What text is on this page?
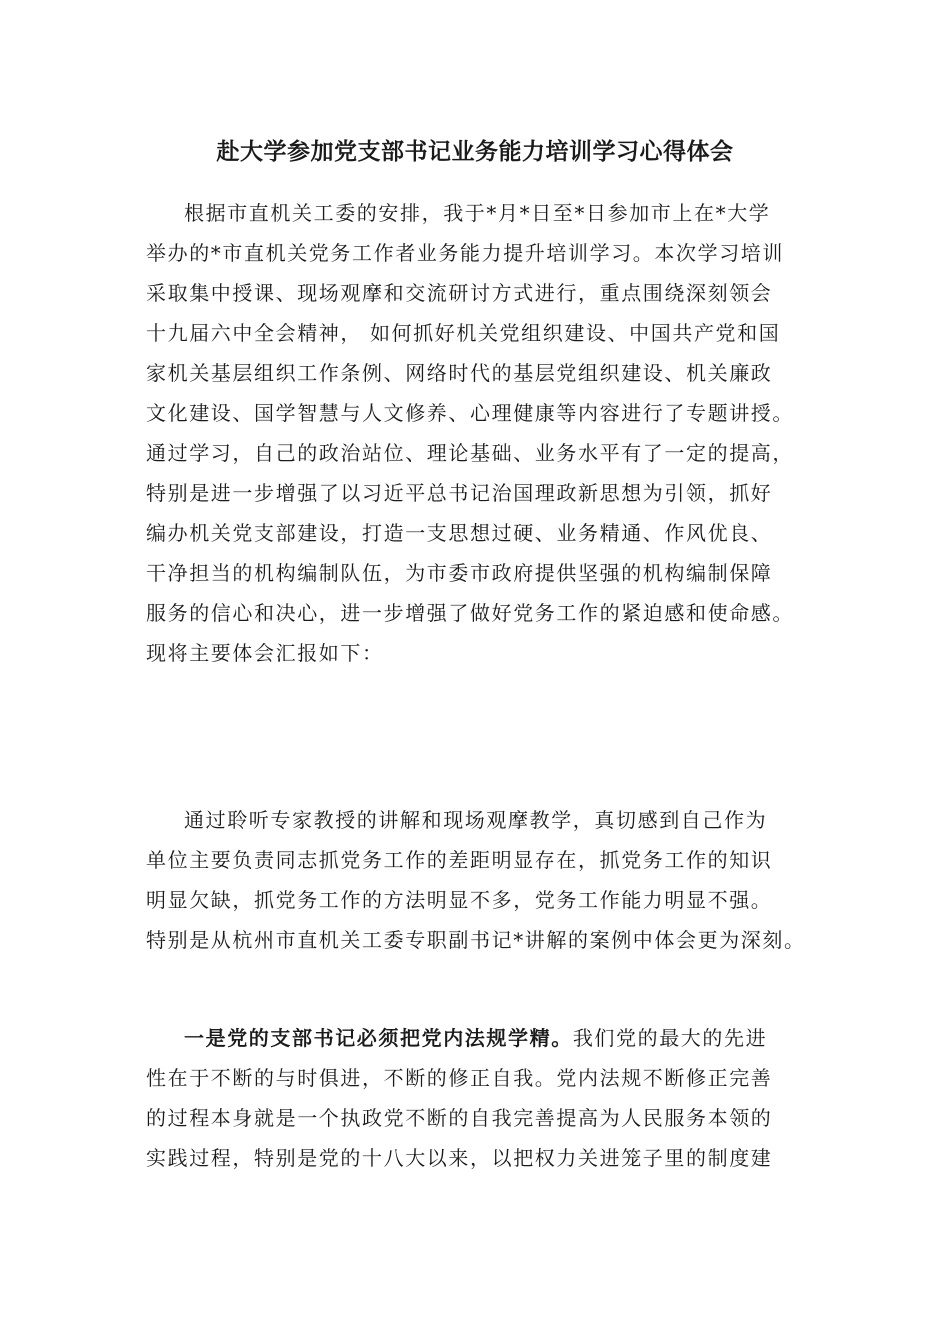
赴大学参加党支部书记业务能力培训学习心得体会
根据市直机关工委的安排，我于*月*日至*日参加市上在*大学
举办的*市直机关党务工作者业务能力提升培训学习。本次学习培训
采取集中授课、现场观摩和交流研讨方式进行，重点围绕深刻领会
十九届六中全会精神， 如何抓好机关党组织建设、中国共产党和国
家机关基层组织工作条例、网络时代的基层党组织建设、机关廉政
文化建设、国学智慧与人文修养、心理健康等内容进行了专题讲授。
通过学习，自己的政治站位、理论基础、业务水平有了一定的提高，
特别是进一步增强了以习近平总书记治国理政新思想为引领，抓好
编办机关党支部建设，打造一支思想过硬、业务精通、作风优良、
干净担当的机构编制队伍，为市委市政府提供坚强的机构编制保障
服务的信心和决心，进一步增强了做好党务工作的紧迫感和使命感。
现将主要体会汇报如下：
通过聆听专家教授的讲解和现场观摩教学，真切感到自己作为
单位主要负责同志抓党务工作的差距明显存在，抓党务工作的知识
明显欠缺，抓党务工作的方法明显不多，党务工作能力明显不强。
特别是从杭州市直机关工委专职副书记*讲解的案例中体会更为深刻。
一是党的支部书记必须把党内法规学精。我们党的最大的先进
性在于不断的与时俱进，不断的修正自我。党内法规不断修正完善
的过程本身就是一个执政党不断的自我完善提高为人民服务本领的
实践过程，特别是党的十八大以来，以把权力关进笼子里的制度建
